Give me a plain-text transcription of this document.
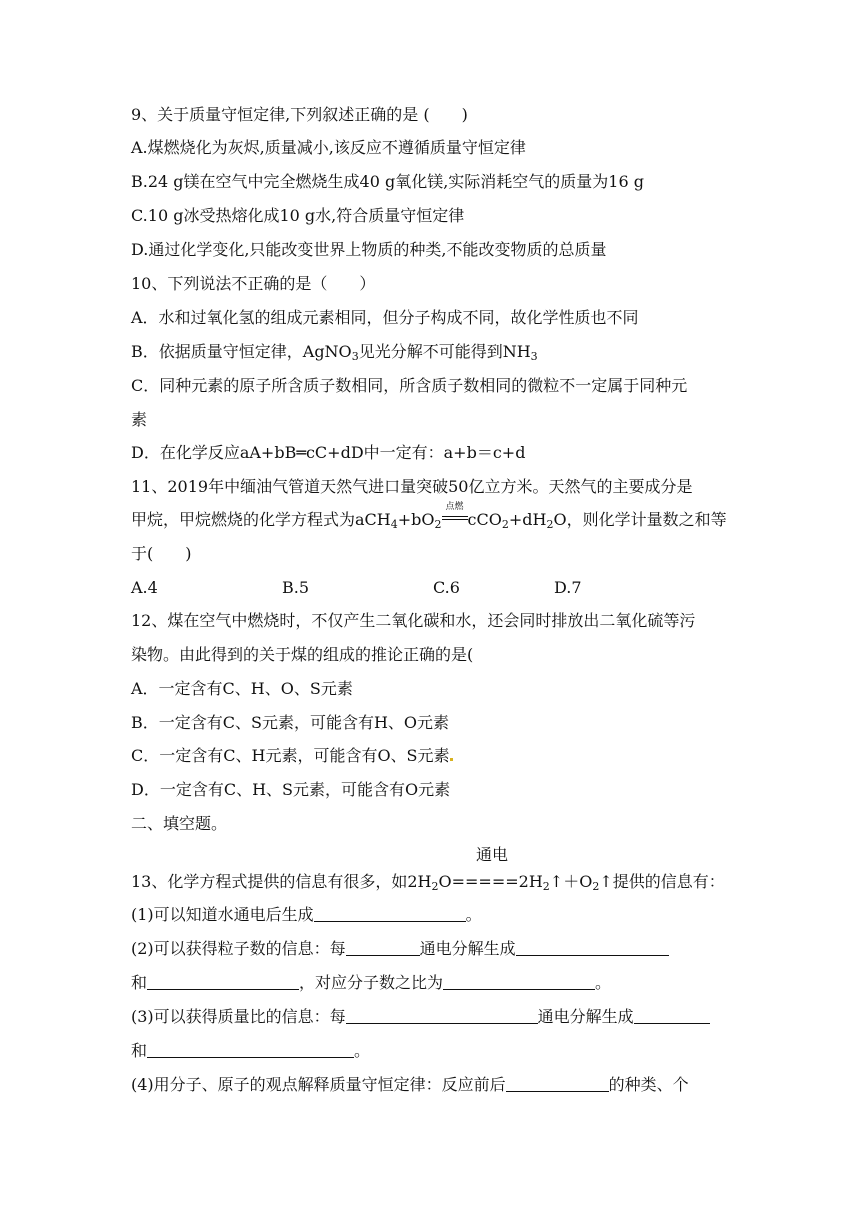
9、关于质量守恒定律,下列叙述正确的是 (　　)
A.煤燃烧化为灰烬,质量减小,该反应不遵循质量守恒定律
B.24 g镁在空气中完全燃烧生成40 g氧化镁,实际消耗空气的质量为16 g
C.10 g冰受热熔化成10 g水,符合质量守恒定律
D.通过化学变化,只能改变世界上物质的种类,不能改变物质的总质量
10、下列说法不正确的是（　　）
A．水和过氧化氢的组成元素相同，但分子构成不同，故化学性质也不同
B．依据质量守恒定律，AgNO$_3$见光分解不可能得到$NH_3$
C．同种元素的原子所含质子数相同，所含质子数相同的微粒不一定属于同种元
素
D．在化学反应aA+bB═cC+dD中一定有：a+b＝c+d
11、2019年中缅油气管道天然气进口量突破50亿立方米。天然气的主要成分是
甲烷，甲烷燃烧的化学方程式为$aCH_4+bO_2$
点燃
$cCO_2+dH_2O$，则化学计量数之和等
于(　　)
A.4	B.5	C.6	D.7
12、煤在空气中燃烧时，不仅产生二氧化碳和水，还会同时排放出二氧化硫等污
染物。由此得到的关于煤的组成的推论正确的是(
A．一定含有C、H、O、S元素
B．一定含有C、S元素，可能含有H、O元素
C．一定含有C、H元素，可能含有O、S元素
D．一定含有C、H、S元素，可能含有O元素
二、填空题。
通电
13、化学方程式提供的信息有很多，如$2H_2O=====2H_2↑+O_2↑$提供的信息有：
(1)可以知道水通电后生成	。
(2)可以获得粒子数的信息：每	通电分解生成
和	，对应分子数之比为	。
(3)可以获得质量比的信息：每	通电分解生成
和	。
(4)用分子、原子的观点解释质量守恒定律：反应前后	的种类、个
